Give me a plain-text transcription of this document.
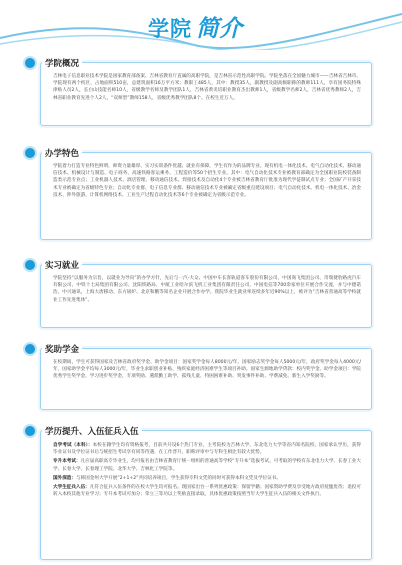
学院 简介
学院概况
吉林电子信息职业技术学院是国家教育部备案、吉林省教育厅直属的高职学院，是吉林省示范性高职学院。学院坐落在全国魅力城市——吉林省吉林市。学院现有两个校区，占地面积510亩，总建筑面积16万平方米；教职工485人，其中：教授35人，副教授及副高级职称的教师111人，享有国务院特殊津贴人员2人，长白山技能名师10人，省级教学名师及教学团队1人，吉林省黄炎培职业教育杰出教师1人，省级教学名师2人，吉林省优秀教师2人，吉林省职业教育先进个人2人，“双师型”教师158人，省级优秀教学团队8个。在校生近万人。
办学特色
学院着力打造专业特色鲜明、师资力量雄厚、实习实训条件优越、就业有保障，学生有作为的品牌专业。现有机电一体化技术、电气自动化技术、移动通信技术、机械设计与制造、电子商务、高速铁路客运乘务、工程造价等50个招生专业。其中：电气自动化技术专业被教育部确定为全国职业院校装备制造类示范专业点；工业机器人技术、酒店管理、移动通信技术、焊接技术及自动化4个专业被吉林省教育厅批准为现代学徒制试点专业；全国矿产开采技术专业被确定为省级特色专业；自动化专业群、电子信息专业群、移动通信技术专业被确定省级重点建设项目；电气自动化技术、机电一体化技术、冶金技术、涉外旅游、计算机网络技术、工业生产过程自动化技术等6个专业被确定为省级示范专业。
实习就业
学院坚持“以服务为宗旨，以就业为导向”的办学方针，先后与一汽-大众、中国中车长客轨道客车股份有限公司、中国商飞集团公司、奇瑞捷豹路虎汽车有限公司、中铁十七局集团有限公司、沈阳铁路局、中航工业哈尔滨飞机工业集团有限责任公司、中国电信等700余家单位开展合作交流，并与中德诺浩、中兴通讯、上海大唐移动、东方锅炉、北京和鹏等知名企业开展合作办学。我院毕业生就业率连续多年近90%以上，被评为“吉林省普通高等学校就业工作先进集体”。
奖助学金
在校期间，学生可获得国家及吉林省政府奖学金、助学金项目：国家奖学金每人8000元/年，国家励志奖学金每人5000元/年，政府奖学金每人4000元/年，国家助学金平均每人3000元/年，毕业生求职创业补贴、残疾家庭经济困难学生等项目补助。国家生源地助学贷款：校内奖学金、助学金项目：学院优秀学生奖学金、学习进步奖学金、专项奖励、遴派勤工助学、孤残儿童、特困困难补助、突发事件补助、学费减免、新生入学奖励等。
学历提升、入伍征兵入伍
自学考试（本科）：本校在籍学生均有资格报考，目前共开设6个热门专业，主考院校为吉林大学、东北电力大学等省内知名院校，国家承认学历，获得毕业证书及学位证书后与统招生考试享有同等待遇，在工作晋升、职称评审中与专科生相比有较大优势。
专升本考试：凡应届高职高专毕业生，均可报名由吉林省教育厅统一组织的普通高等学校“专升本”选拔考试。可考取的学校有东北电力大学、长春工业大学、长春大学、长春理工学院、北华大学、吉林化工学院等。
国外深造：与韩国金州大学开展“2+1+2”共同培养项目，学生获得专科文凭的同时可获得本科文凭及学位证书。
大学生征兵入伍：凡符合征兵入伍条件的在校大学生均可报名。现国家出台一系列优惠政策：保留学籍；国家资助学费及享受地方政府抚恤优待；退役可转入本校其他专业学习；专升本考试可加分；荣立三等功以上奖励直接录取。具体优惠政策按照当年大学生征兵入伍的相关文件执行。
